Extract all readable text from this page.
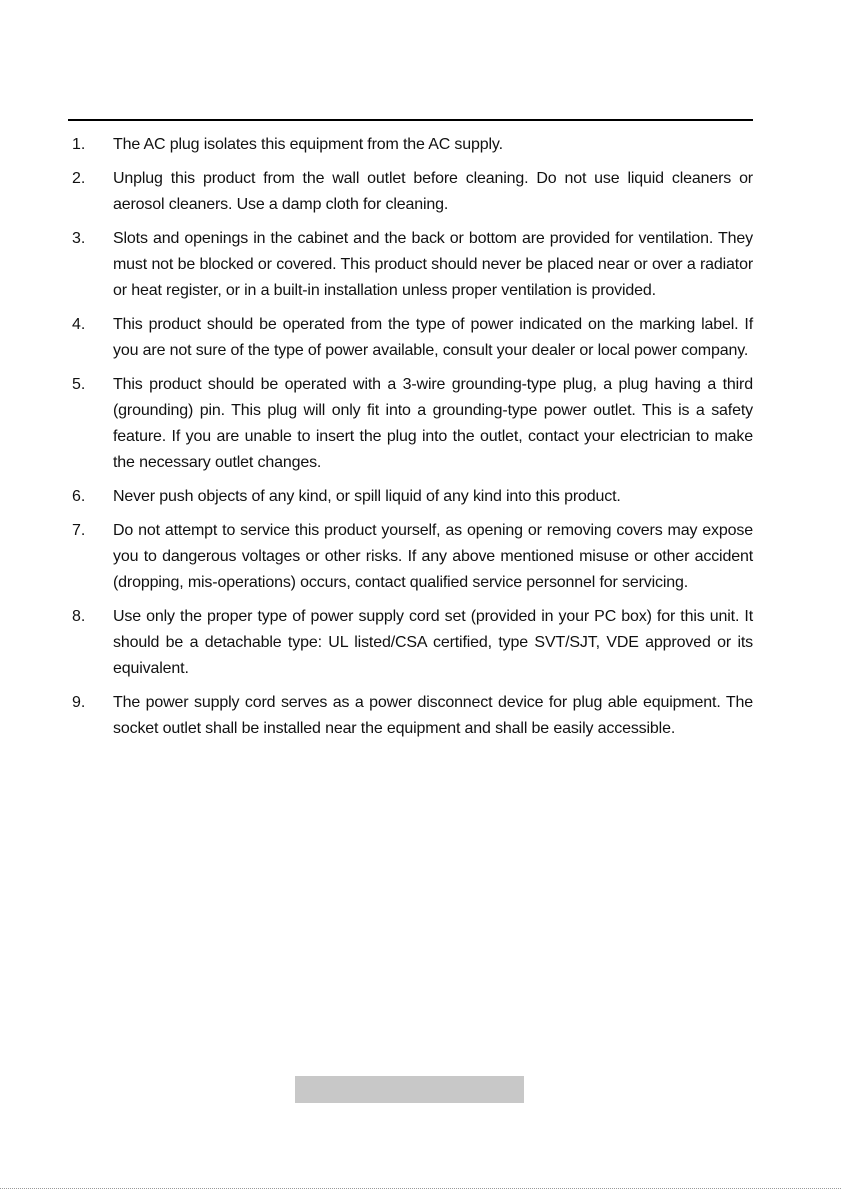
1. The AC plug isolates this equipment from the AC supply.
2. Unplug this product from the wall outlet before cleaning. Do not use liquid cleaners or aerosol cleaners. Use a damp cloth for cleaning.
3. Slots and openings in the cabinet and the back or bottom are provided for ventilation. They must not be blocked or covered. This product should never be placed near or over a radiator or heat register, or in a built-in installation unless proper ventilation is provided.
4. This product should be operated from the type of power indicated on the marking label. If you are not sure of the type of power available, consult your dealer or local power company.
5. This product should be operated with a 3-wire grounding-type plug, a plug having a third (grounding) pin. This plug will only fit into a grounding-type power outlet. This is a safety feature. If you are unable to insert the plug into the outlet, contact your electrician to make the necessary outlet changes.
6. Never push objects of any kind, or spill liquid of any kind into this product.
7. Do not attempt to service this product yourself, as opening or removing covers may expose you to dangerous voltages or other risks. If any above mentioned misuse or other accident (dropping, mis-operations) occurs, contact qualified service personnel for servicing.
8. Use only the proper type of power supply cord set (provided in your PC box) for this unit. It should be a detachable type: UL listed/CSA certified, type SVT/SJT, VDE approved or its equivalent.
9. The power supply cord serves as a power disconnect device for plug able equipment. The socket outlet shall be installed near the equipment and shall be easily accessible.
